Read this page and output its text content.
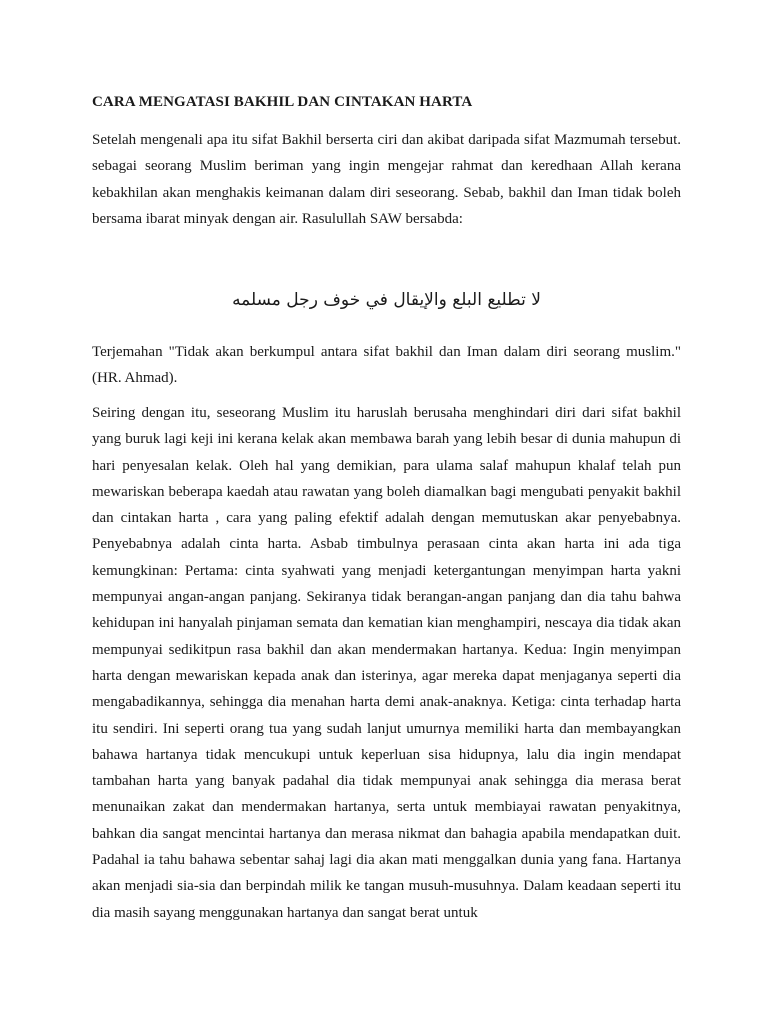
CARA MENGATASI BAKHIL DAN CINTAKAN HARTA

Setelah mengenali apa itu sifat Bakhil berserta ciri dan akibat daripada sifat Mazmumah tersebut. sebagai seorang Muslim beriman yang ingin mengejar rahmat dan keredhaan Allah kerana kebakhilan akan menghakis keimanan dalam diri seseorang. Sebab, bakhil dan Iman tidak boleh bersama ibarat minyak dengan air. Rasulullah SAW bersabda:

لا تطليع البلع والإيقال في خوف رجل مسلمه

Terjemahan "Tidak akan berkumpul antara sifat bakhil dan Iman dalam diri seorang muslim." (HR. Ahmad).

Seiring dengan itu, seseorang Muslim itu haruslah berusaha menghindari diri dari sifat bakhil yang buruk lagi keji ini kerana kelak akan membawa barah yang lebih besar di dunia mahupun di hari penyesalan kelak. Oleh hal yang demikian, para ulama salaf mahupun khalaf telah pun mewariskan beberapa kaedah atau rawatan yang boleh diamalkan bagi mengubati penyakit bakhil dan cintakan harta , cara yang paling efektif adalah dengan memutuskan akar penyebabnya. Penyebabnya adalah cinta harta. Asbab timbulnya perasaan cinta akan harta ini ada tiga kemungkinan: Pertama: cinta syahwati yang menjadi ketergantungan menyimpan harta yakni mempunyai angan-angan panjang. Sekiranya tidak berangan-angan panjang dan dia tahu bahwa kehidupan ini hanyalah pinjaman semata dan kematian kian menghampiri, nescaya dia tidak akan mempunyai sedikitpun rasa bakhil dan akan mendermakan hartanya. Kedua: Ingin menyimpan harta dengan mewariskan kepada anak dan isterinya, agar mereka dapat menjaganya seperti dia mengabadikannya, sehingga dia menahan harta demi anak-anaknya. Ketiga: cinta terhadap harta itu sendiri. Ini seperti orang tua yang sudah lanjut umurnya memiliki harta dan membayangkan bahawa hartanya tidak mencukupi untuk keperluan sisa hidupnya, lalu dia ingin mendapat tambahan harta yang banyak padahal dia tidak mempunyai anak sehingga dia merasa berat menunaikan zakat dan mendermakan hartanya, serta untuk membiayai rawatan penyakitnya, bahkan dia sangat mencintai hartanya dan merasa nikmat dan bahagia apabila mendapatkan duit. Padahal ia tahu bahawa sebentar sahaj lagi dia akan mati menggalkan dunia yang fana. Hartanya akan menjadi sia-sia dan berpindah milik ke tangan musuh-musuhnya. Dalam keadaan seperti itu dia masih sayang menggunakan hartanya dan sangat berat untuk
